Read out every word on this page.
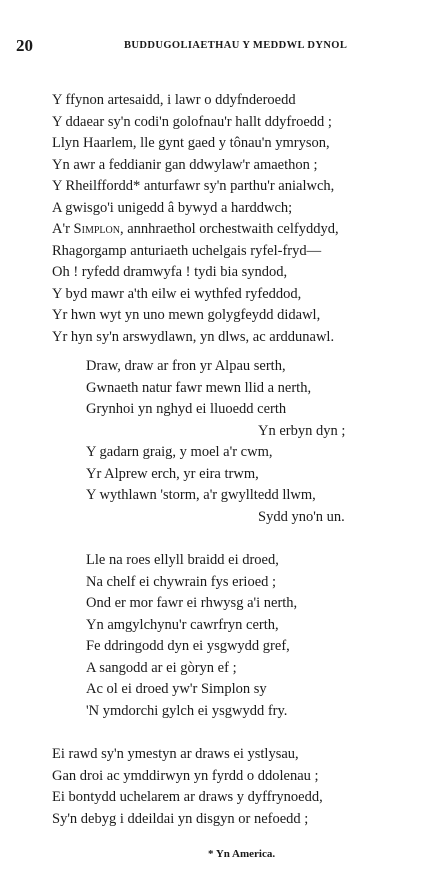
20	BUDDUGOLIAETHAU Y MEDDWL DYNOL
Y ffynon artesaidd, i lawr o ddyfnderoedd
Y ddaear sy'n codi'n golofnau'r hallt ddyfroedd ;
Llyn Haarlem, lle gynt gaed y tônau'n ymryson,
Yn awr a feddianir gan ddwylaw'r amaethon ;
Y Rheilffordd* anturfawr sy'n parthu'r anialwch,
A gwisgo'i unigedd â bywyd a harddwch;
A'r Simplon, annhraethol orchestwaith celfyddyd,
Rhagorgamp anturiaeth uchelgais ryfel-fryd—
Oh ! ryfedd dramwyfa ! tydi bia syndod,
Y byd mawr a'th eilw ei wythfed ryfeddod,
Yr hwn wyt yn uno mewn golygfeydd didawl,
Yr hyn sy'n arswydlawn, yn dlws, ac arddunawl.
Draw, draw ar fron yr Alpau serth,
Gwnaeth natur fawr mewn llid a nerth,
Grynhoi yn nghyd ei lluoedd certh
Yn erbyn dyn ;
Y gadarn graig, y moel a'r cwm,
Yr Alprew erch, yr eira trwm,
Y wythlawn 'storm, a'r gwylltedd llwm,
Sydd yno'n un.
Lle na roes ellyll braidd ei droed,
Na chelf ei chywrain fys erioed ;
Ond er mor fawr ei rhwysg a'i nerth,
Yn amgylchynu'r cawrfryn certh,
Fe ddringodd dyn ei ysgwydd gref,
A sangodd ar ei gòryn ef ;
Ac ol ei droed yw'r Simplon sy
'N ymdorchi gylch ei ysgwydd fry.
Ei rawd sy'n ymestyn ar draws ei ystlysau,
Gan droi ac ymddirwyn yn fyrdd o ddolenau ;
Ei bontydd uchelarem ar draws y dyffrynoedd,
Sy'n debyg i ddeildai yn disgyn or nefoedd ;
* Yn America.
